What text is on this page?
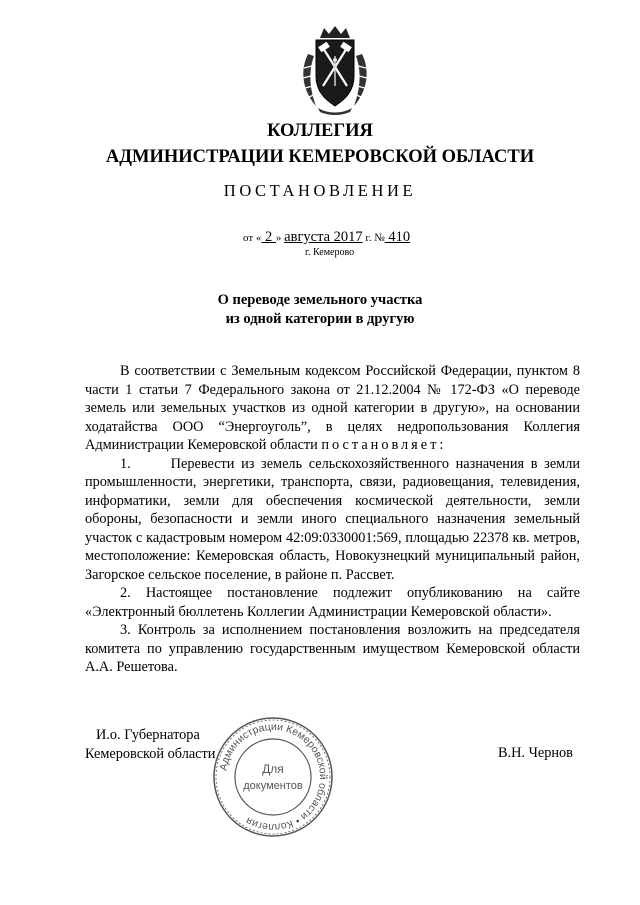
КОЛЛЕГИЯ
АДМИНИСТРАЦИИ КЕМЕРОВСКОЙ ОБЛАСТИ
ПОСТАНОВЛЕНИЕ
от « 2 » августа 2017 г. № 410
г. Кемерово
О переводе земельного участка
из одной категории в другую

В соответствии с Земельным кодексом Российской Федерации, пунктом 8 части 1 статьи 7 Федерального закона от 21.12.2004 № 172-ФЗ «О переводе земель или земельных участков из одной категории в другую», на основании ходатайства ООО “Энергоуголь”, в целях недропользования Коллегия Администрации Кемеровской области постановляет:

1.      Перевести из земель сельскохозяйственного назначения в земли промышленности, энергетики, транспорта, связи, радиовещания, телевидения, информатики, земли для обеспечения космической деятельности, земли обороны, безопасности и земли иного специального назначения земельный участок с кадастровым номером 42:09:0330001:569, площадью 22378 кв. метров, местоположение: Кемеровская область, Новокузнецкий муниципальный район, Загорское сельское поселение, в районе п. Рассвет.

2. Настоящее постановление подлежит опубликованию на сайте «Электронный бюллетень Коллегии Администрации Кемеровской области».

3. Контроль за исполнением постановления возложить на председателя комитета по управлению государственным имуществом Кемеровской области А.А. Решетова.

И.о. Губернатора
Кемеровской области	В.Н. Чернов
Администрации Кемеровской области • Коллегия
Для
документов
